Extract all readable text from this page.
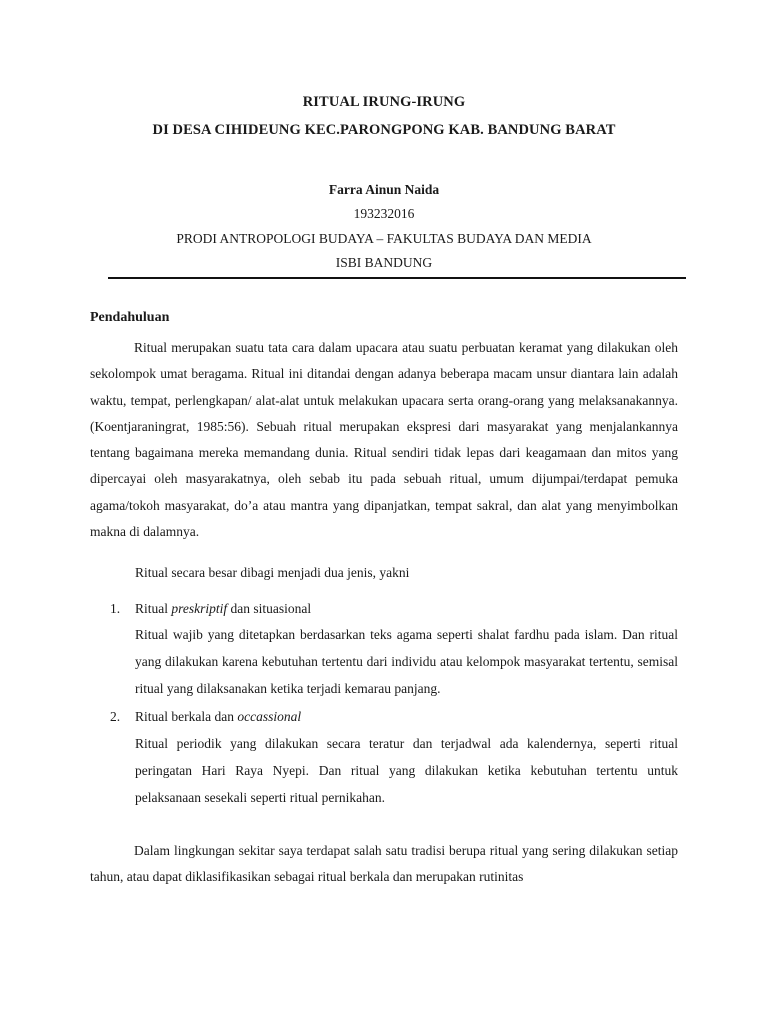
RITUAL IRUNG-IRUNG
DI DESA CIHIDEUNG KEC.PARONGPONG KAB. BANDUNG BARAT
Farra Ainun Naida
193232016
PRODI ANTROPOLOGI BUDAYA – FAKULTAS BUDAYA DAN MEDIA
ISBI BANDUNG
Pendahuluan
Ritual merupakan suatu tata cara dalam upacara atau suatu perbuatan keramat yang dilakukan oleh sekolompok umat beragama. Ritual ini ditandai dengan adanya beberapa macam unsur diantara lain adalah waktu, tempat, perlengkapan/ alat-alat untuk melakukan upacara serta orang-orang yang melaksanakannya. (Koentjaraningrat, 1985:56). Sebuah ritual merupakan ekspresi dari masyarakat yang menjalankannya tentang bagaimana mereka memandang dunia. Ritual sendiri tidak lepas dari keagamaan dan mitos yang dipercayai oleh masyarakatnya, oleh sebab itu pada sebuah ritual, umum dijumpai/terdapat pemuka agama/tokoh masyarakat, do’a atau mantra yang dipanjatkan, tempat sakral, dan alat yang menyimbolkan makna di dalamnya.
Ritual secara besar dibagi menjadi dua jenis, yakni
1. Ritual preskriptif dan situasional
Ritual wajib yang ditetapkan berdasarkan teks agama seperti shalat fardhu pada islam. Dan ritual yang dilakukan karena kebutuhan tertentu dari individu atau kelompok masyarakat tertentu, semisal ritual yang dilaksanakan ketika terjadi kemarau panjang.
2. Ritual berkala dan occassional
Ritual periodik yang dilakukan secara teratur dan terjadwal ada kalendernya, seperti ritual peringatan Hari Raya Nyepi. Dan ritual yang dilakukan ketika kebutuhan tertentu untuk pelaksanaan sesekali seperti ritual pernikahan.
Dalam lingkungan sekitar saya terdapat salah satu tradisi berupa ritual yang sering dilakukan setiap tahun, atau dapat diklasifikasikan sebagai ritual berkala dan merupakan rutinitas
